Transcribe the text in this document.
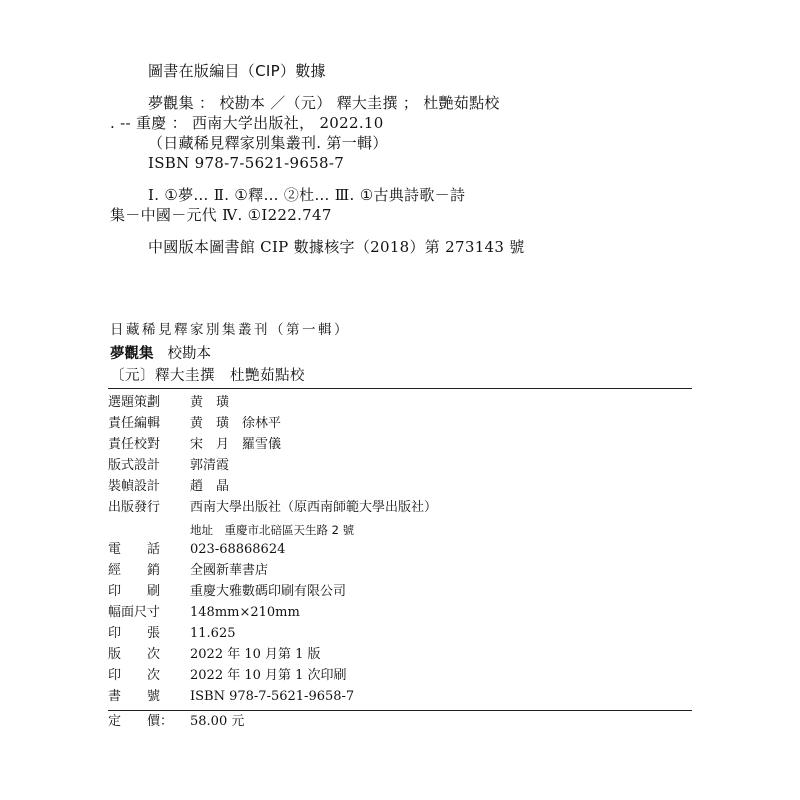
圖書在版編目（CIP）數據
夢觀集 ： 校勘本 ／（元） 釋大圭撰 ； 杜艷茹點校
. -- 重慶 ： 西南大学出版社， 2022.10
（日藏稀見釋家別集叢刊. 第一輯）
ISBN 978-7-5621-9658-7
Ⅰ. ①夢… Ⅱ. ①釋… ②杜… Ⅲ. ①古典詩歌－詩
集－中國－元代 Ⅳ. ①I222.747
中國版本圖書館 CIP 數據核字（2018）第 273143 號
日藏稀見釋家別集叢刊（第一輯）
夢觀集 校勘本
〔元〕釋大圭撰　杜艷茹點校
選題策劃 黄　璜
責任編輯 黄　璜　徐林平
責任校對 宋　月　羅雪儀
版式設計 郭清霞
裝幀設計 趙　晶
出版發行 西南大學出版社（原西南師範大學出版社）
地址　重慶市北碚區天生路 2 號
電　　話 023-68868624
經　　銷 全國新華書店
印　　刷 重慶大雅數碼印刷有限公司
幅面尺寸 148mm×210mm
印　　張 11.625
版　　次 2022 年 10 月第 1 版
印　　次 2022 年 10 月第 1 次印刷
書　　號 ISBN 978-7-5621-9658-7
定　　價： 58.00 元
